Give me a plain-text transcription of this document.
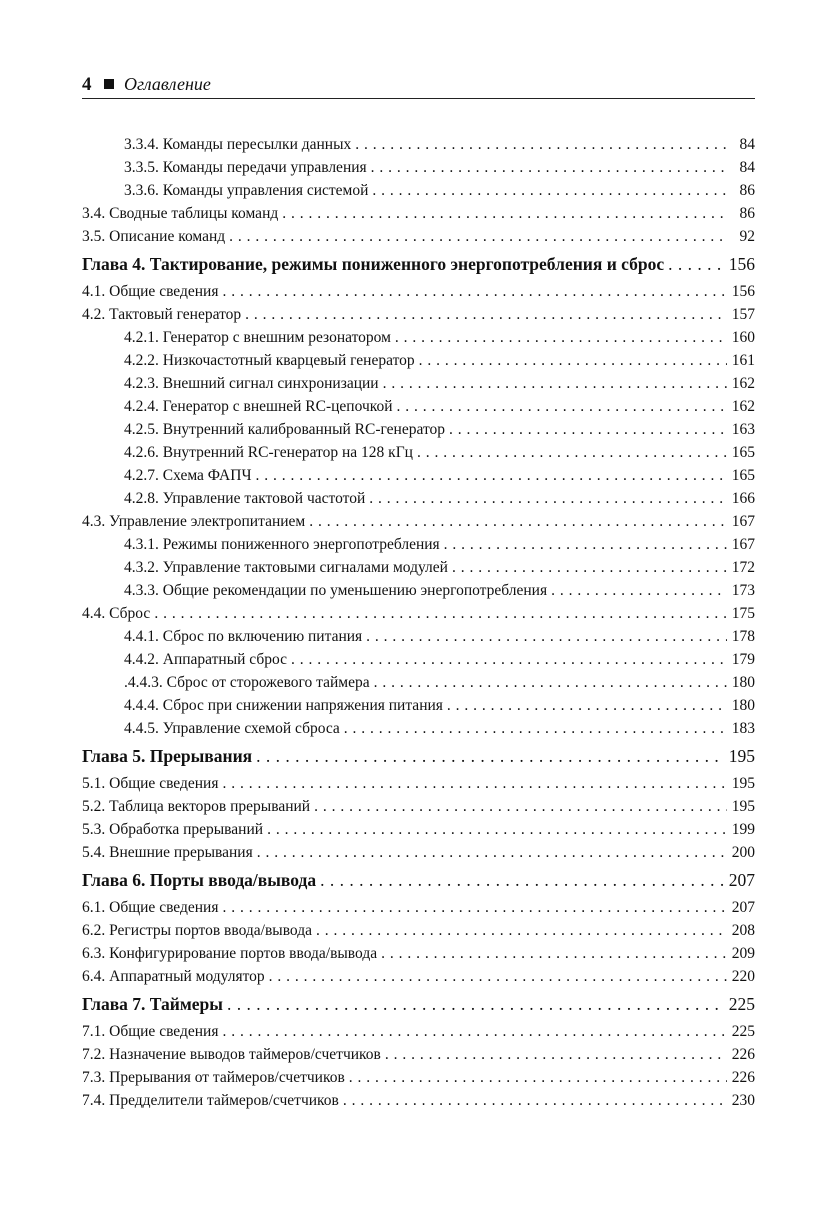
4 Оглавление
3.3.4. Команды пересылки данных . . .	84
3.3.5. Команды передачи управления . . .	84
3.3.6. Команды управления системой . . .	86
3.4. Сводные таблицы команд . . .	86
3.5. Описание команд . . .	92
Глава 4. Тактирование, режимы пониженного энергопотребления и сброс . . .	156
4.1. Общие сведения . . .	156
4.2. Тактовый генератор . . .	157
4.2.1. Генератор с внешним резонатором . . .	160
4.2.2. Низкочастотный кварцевый генератор . . .	161
4.2.3. Внешний сигнал синхронизации . . .	162
4.2.4. Генератор с внешней RC-цепочкой . . .	162
4.2.5. Внутренний калиброванный RC-генератор . . .	163
4.2.6. Внутренний RC-генератор на 128 кГц . . .	165
4.2.7. Схема ФАПЧ . . .	165
4.2.8. Управление тактовой частотой . . .	166
4.3. Управление электропитанием . . .	167
4.3.1. Режимы пониженного энергопотребления . . .	167
4.3.2. Управление тактовыми сигналами модулей . . .	172
4.3.3. Общие рекомендации по уменьшению энергопотребления . . .	173
4.4. Сброс . . .	175
4.4.1. Сброс по включению питания . . .	178
4.4.2. Аппаратный сброс . . .	179
.4.4.3. Сброс от сторожевого таймера . . .	180
4.4.4. Сброс при снижении напряжения питания . . .	180
4.4.5. Управление схемой сброса . . .	183
Глава 5. Прерывания . . .	195
5.1. Общие сведения . . .	195
5.2. Таблица векторов прерываний . . .	195
5.3. Обработка прерываний . . .	199
5.4. Внешние прерывания . . .	200
Глава 6. Порты ввода/вывода . . .	207
6.1. Общие сведения . . .	207
6.2. Регистры портов ввода/вывода . . .	208
6.3. Конфигурирование портов ввода/вывода . . .	209
6.4. Аппаратный модулятор . . .	220
Глава 7. Таймеры . . .	225
7.1. Общие сведения . . .	225
7.2. Назначение выводов таймеров/счетчиков . . .	226
7.3. Прерывания от таймеров/счетчиков . . .	226
7.4. Предделители таймеров/счетчиков . . .	230
